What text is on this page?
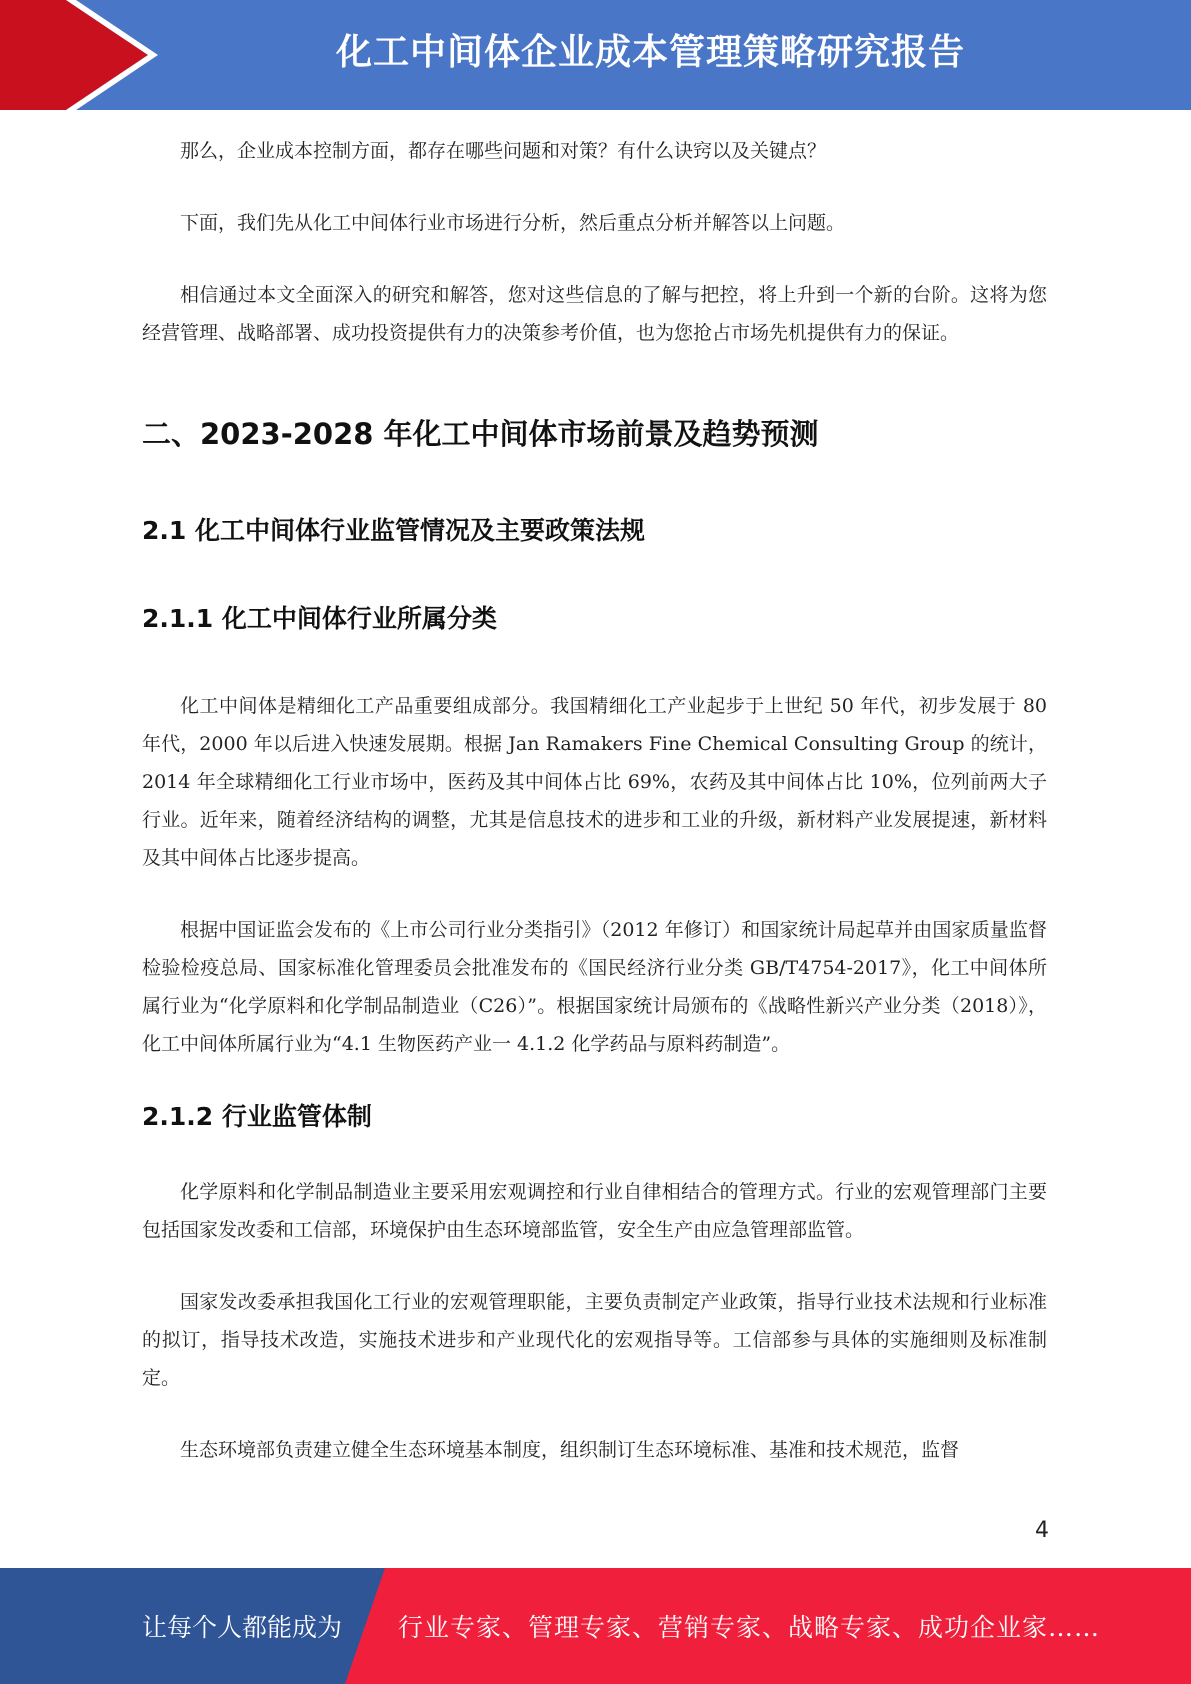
化工中间体企业成本管理策略研究报告

那么，企业成本控制方面，都存在哪些问题和对策？有什么诀窍以及关键点？

下面，我们先从化工中间体行业市场进行分析，然后重点分析并解答以上问题。

相信通过本文全面深入的研究和解答，您对这些信息的了解与把控，将上升到一个新的台阶。这将为您经营管理、战略部署、成功投资提供有力的决策参考价值，也为您抢占市场先机提供有力的保证。

二、2023-2028 年化工中间体市场前景及趋势预测
2.1 化工中间体行业监管情况及主要政策法规
2.1.1 化工中间体行业所属分类

化工中间体是精细化工产品重要组成部分。我国精细化工产业起步于上世纪 50 年代，初步发展于 80 年代，2000 年以后进入快速发展期。根据 Jan Ramakers Fine Chemical Consulting Group 的统计，2014 年全球精细化工行业市场中，医药及其中间体占比 69%，农药及其中间体占比 10%，位列前两大子行业。近年来，随着经济结构的调整，尤其是信息技术的进步和工业的升级，新材料产业发展提速，新材料及其中间体占比逐步提高。

根据中国证监会发布的《上市公司行业分类指引》（2012 年修订）和国家统计局起草并由国家质量监督检验检疫总局、国家标准化管理委员会批准发布的《国民经济行业分类 GB/T4754-2017》，化工中间体所属行业为“化学原料和化学制品制造业（C26）”。根据国家统计局颁布的《战略性新兴产业分类（2018）》，化工中间体所属行业为“4.1 生物医药产业一 4.1.2 化学药品与原料药制造”。

2.1.2 行业监管体制

化学原料和化学制品制造业主要采用宏观调控和行业自律相结合的管理方式。行业的宏观管理部门主要包括国家发改委和工信部，环境保护由生态环境部监管，安全生产由应急管理部监管。

国家发改委承担我国化工行业的宏观管理职能，主要负责制定产业政策，指导行业技术法规和行业标准的拟订，指导技术改造，实施技术进步和产业现代化的宏观指导等。工信部参与具体的实施细则及标准制定。

生态环境部负责建立健全生态环境基本制度，组织制订生态环境标准、基准和技术规范，监督

4
让每个人都能成为 行业专家、管理专家、营销专家、战略专家、成功企业家……
